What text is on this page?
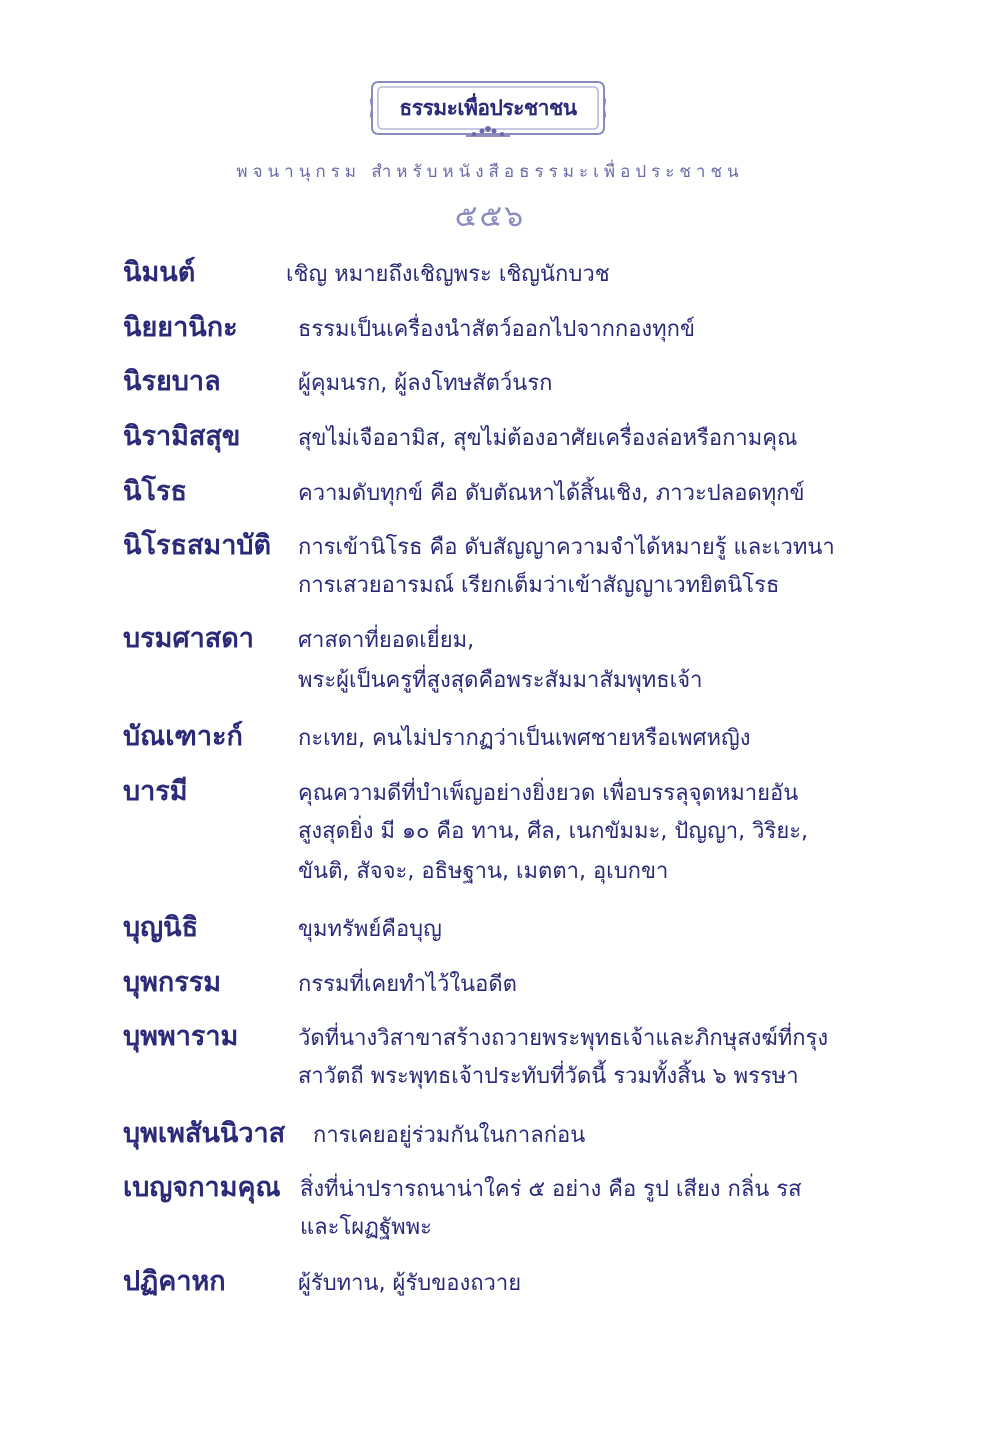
ธรรมะเพื่อประชาชน
พจนานุกรม สำหรับหนังสือธรรมะเพื่อประชาชน
๕๕๖
นิมนต์	เชิญ หมายถึงเชิญพระ เชิญนักบวช
นิยยานิกะ	ธรรมเป็นเครื่องนำสัตว์ออกไปจากกองทุกข์
นิรยบาล	ผู้คุมนรก, ผู้ลงโทษสัตว์นรก
นิรามิสสุข	สุขไม่เจืออามิส, สุขไม่ต้องอาศัยเครื่องล่อหรือกามคุณ
นิโรธ	ความดับทุกข์ คือ ดับตัณหาได้สิ้นเชิง, ภาวะปลอดทุกข์
นิโรธสมาบัติ การเข้านิโรธ คือ ดับสัญญาความจำได้หมายรู้ และเวทนา
การเสวยอารมณ์ เรียกเต็มว่าเข้าสัญญาเวทยิตนิโรธ
บรมศาสดา ศาสดาที่ยอดเยี่ยม,
พระผู้เป็นครูที่สูงสุดคือพระสัมมาสัมพุทธเจ้า
บัณเฑาะก์	กะเทย, คนไม่ปรากฏว่าเป็นเพศชายหรือเพศหญิง
บารมี	คุณความดีที่บำเพ็ญอย่างยิ่งยวด เพื่อบรรลุจุดหมายอัน
สูงสุดยิ่ง มี ๑๐ คือ ทาน, ศีล, เนกขัมมะ, ปัญญา, วิริยะ,
ขันติ, สัจจะ, อธิษฐาน, เมตตา, อุเบกขา
บุญนิธิ	ขุมทรัพย์คือบุญ
บุพกรรม	กรรมที่เคยทำไว้ในอดีต
บุพพาราม	วัดที่นางวิสาขาสร้างถวายพระพุทธเจ้าและภิกษุสงฆ์ที่กรุง
สาวัตถี พระพุทธเจ้าประทับที่วัดนี้ รวมทั้งสิ้น ๖ พรรษา
บุพเพสันนิวาส การเคยอยู่ร่วมกันในกาลก่อน
เบญจกามคุณ สิ่งที่น่าปรารถนาน่าใคร่ ๕ อย่าง คือ รูป เสียง กลิ่น รส
และโผฏฐัพพะ
ปฏิคาหก	ผู้รับทาน, ผู้รับของถวาย
